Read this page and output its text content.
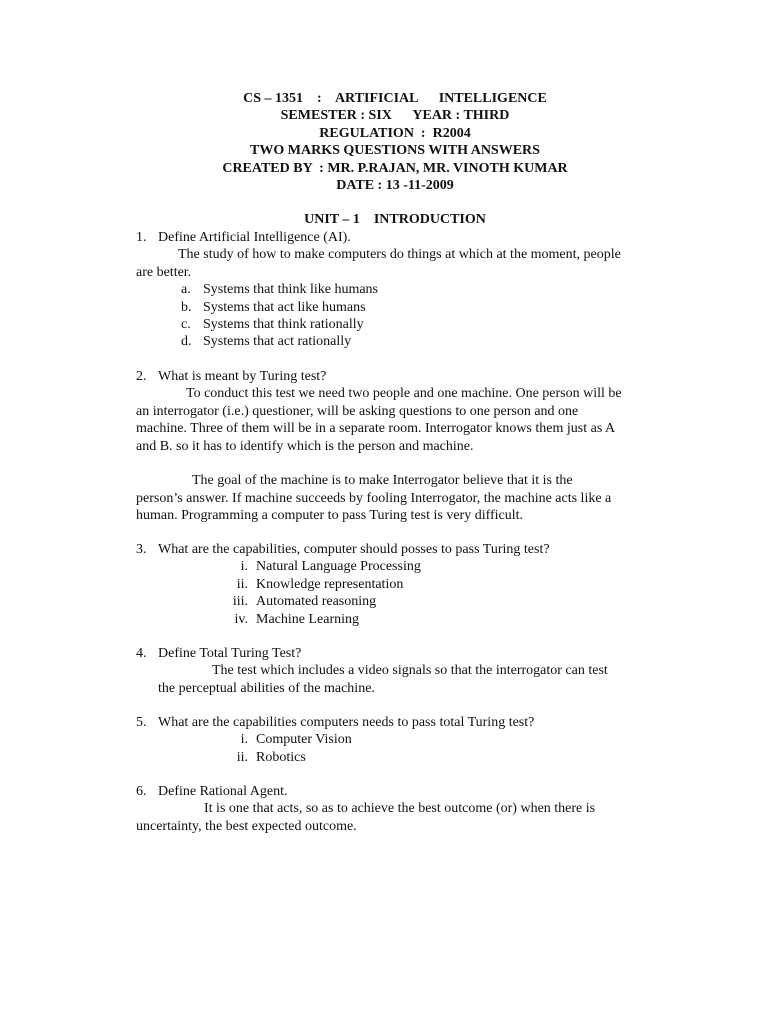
CS – 1351    :    ARTIFICIAL      INTELLIGENCE
SEMESTER : SIX      YEAR : THIRD
REGULATION  :  R2004
TWO MARKS QUESTIONS WITH ANSWERS
CREATED BY  : MR. P.RAJAN, MR. VINOTH KUMAR
DATE : 13 -11-2009
UNIT – 1    INTRODUCTION
1. Define Artificial Intelligence (AI).
The study of how to make computers do things at which at the moment, people
are better.
a. Systems that think like humans
b. Systems that act like humans
c. Systems that think rationally
d. Systems that act rationally
2. What is meant by Turing test?
To conduct this test we need two people and one machine. One person will be
an interrogator (i.e.) questioner, will be asking questions to one person and one
machine. Three of them will be in a separate room. Interrogator knows them just as A
and B. so it has to identify which is the person and machine.
The goal of the machine is to make Interrogator believe that it is the
person’s answer. If machine succeeds by fooling Interrogator, the machine acts like a
human. Programming a computer to pass Turing test is very difficult.
3. What are the capabilities, computer should posses to pass Turing test?
i. Natural Language Processing
ii. Knowledge representation
iii. Automated reasoning
iv. Machine Learning
4. Define Total Turing Test?
The test which includes a video signals so that the interrogator can test
the perceptual abilities of the machine.
5. What are the capabilities computers needs to pass total Turing test?
i. Computer Vision
ii. Robotics
6. Define Rational Agent.
It is one that acts, so as to achieve the best outcome (or) when there is
uncertainty, the best expected outcome.
